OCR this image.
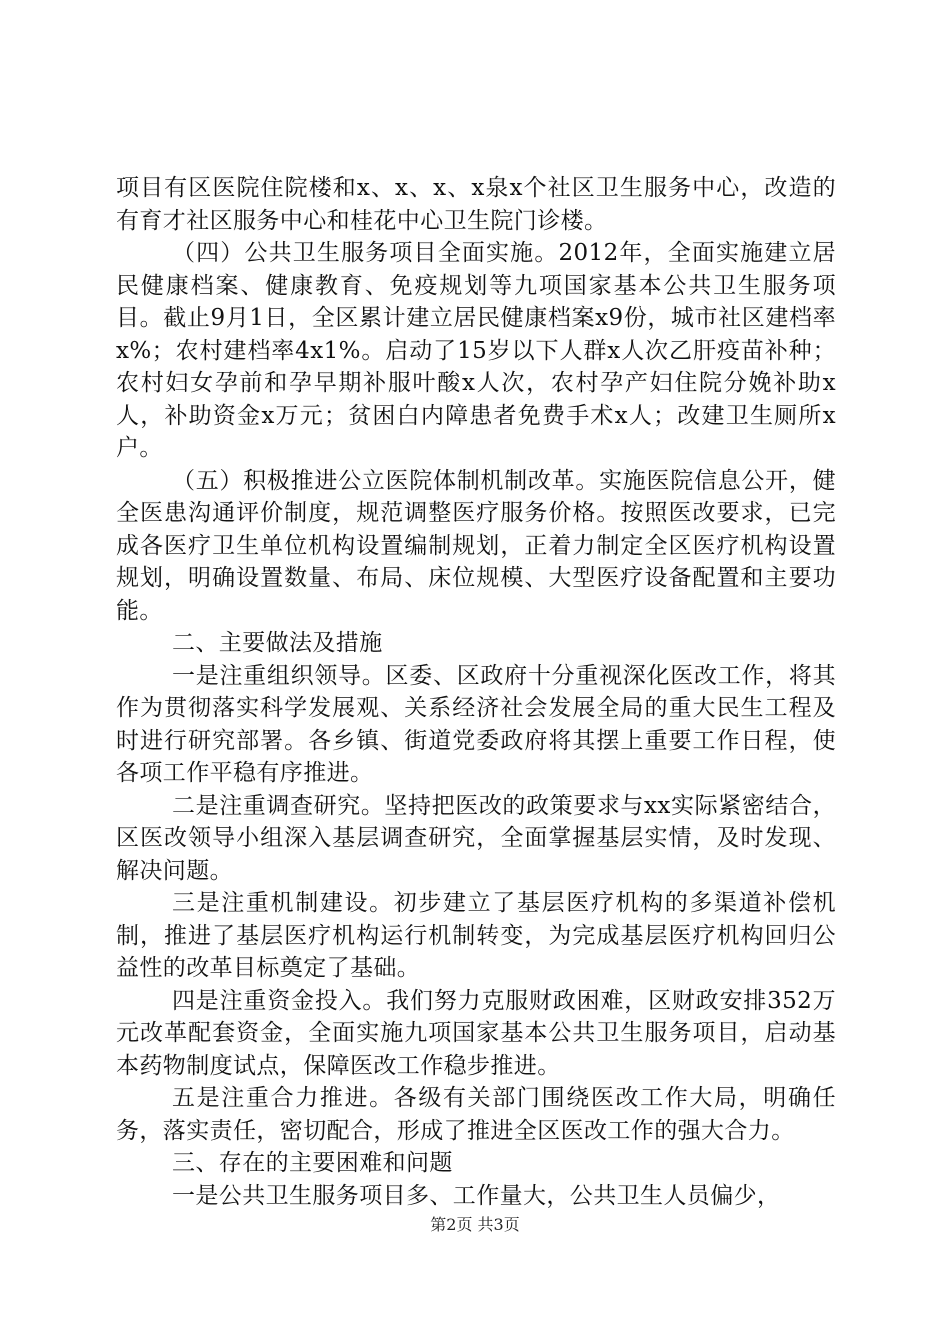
项目有区医院住院楼和x、x、x、x泉x个社区卫生服务中心，改造的有育才社区服务中心和桂花中心卫生院门诊楼。

（四）公共卫生服务项目全面实施。2012年，全面实施建立居民健康档案、健康教育、免疫规划等九项国家基本公共卫生服务项目。截止9月1日，全区累计建立居民健康档案x9份，城市社区建档率x%；农村建档率4x1%。启动了15岁以下人群x人次乙肝疫苗补种；农村妇女孕前和孕早期补服叶酸x人次，农村孕产妇住院分娩补助x人，补助资金x万元；贫困白内障患者免费手术x人；改建卫生厕所x户。

（五）积极推进公立医院体制机制改革。实施医院信息公开，健全医患沟通评价制度，规范调整医疗服务价格。按照医改要求，已完成各医疗卫生单位机构设置编制规划，正着力制定全区医疗机构设置规划，明确设置数量、布局、床位规模、大型医疗设备配置和主要功能。

二、主要做法及措施

一是注重组织领导。区委、区政府十分重视深化医改工作，将其作为贯彻落实科学发展观、关系经济社会发展全局的重大民生工程及时进行研究部署。各乡镇、街道党委政府将其摆上重要工作日程，使各项工作平稳有序推进。

二是注重调查研究。坚持把医改的政策要求与xx实际紧密结合，区医改领导小组深入基层调查研究，全面掌握基层实情，及时发现、解决问题。

三是注重机制建设。初步建立了基层医疗机构的多渠道补偿机制，推进了基层医疗机构运行机制转变，为完成基层医疗机构回归公益性的改革目标奠定了基础。

四是注重资金投入。我们努力克服财政困难，区财政安排352万元改革配套资金，全面实施九项国家基本公共卫生服务项目，启动基本药物制度试点，保障医改工作稳步推进。

五是注重合力推进。各级有关部门围绕医改工作大局，明确任务，落实责任，密切配合，形成了推进全区医改工作的强大合力。

三、存在的主要困难和问题

一是公共卫生服务项目多、工作量大，公共卫生人员偏少，

第2页 共3页
